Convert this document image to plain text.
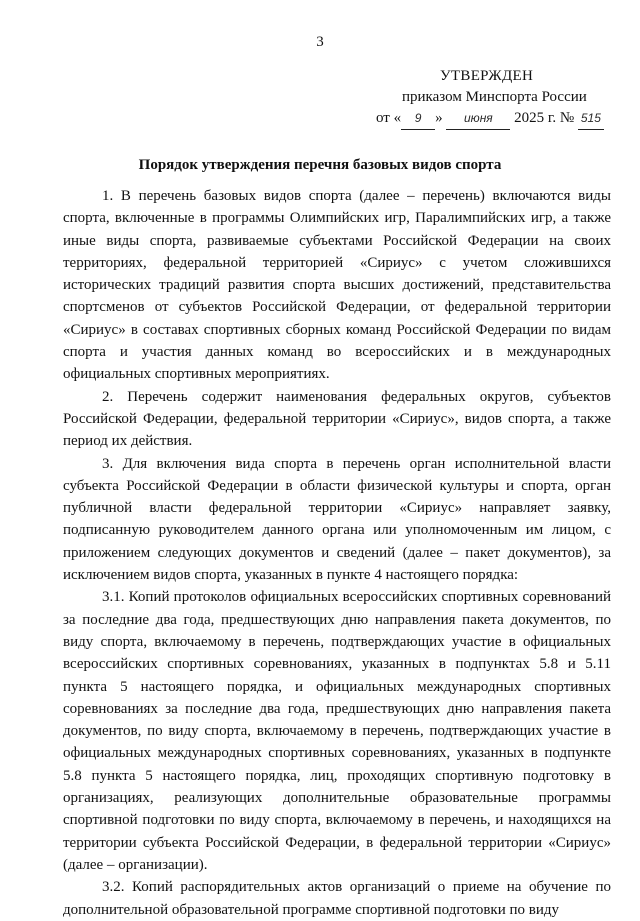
3
УТВЕРЖДЕН
приказом Минспорта России
от « 9 » июня 2025 г. № 515
Порядок утверждения перечня базовых видов спорта

1. В перечень базовых видов спорта (далее – перечень) включаются виды спорта, включенные в программы Олимпийских игр, Паралимпийских игр, а также иные виды спорта, развиваемые субъектами Российской Федерации на своих территориях, федеральной территорией «Сириус» с учетом сложившихся исторических традиций развития спорта высших достижений, представительства спортсменов от субъектов Российской Федерации, от федеральной территории «Сириус» в составах спортивных сборных команд Российской Федерации по видам спорта и участия данных команд во всероссийских и в международных официальных спортивных мероприятиях.

2. Перечень содержит наименования федеральных округов, субъектов Российской Федерации, федеральной территории «Сириус», видов спорта, а также период их действия.

3. Для включения вида спорта в перечень орган исполнительной власти субъекта Российской Федерации в области физической культуры и спорта, орган публичной власти федеральной территории «Сириус» направляет заявку, подписанную руководителем данного органа или уполномоченным им лицом, с приложением следующих документов и сведений (далее – пакет документов), за исключением видов спорта, указанных в пункте 4 настоящего порядка:

3.1. Копий протоколов официальных всероссийских спортивных соревнований за последние два года, предшествующих дню направления пакета документов, по виду спорта, включаемому в перечень, подтверждающих участие в официальных всероссийских спортивных соревнованиях, указанных в подпунктах 5.8 и 5.11 пункта 5 настоящего порядка, и официальных международных спортивных соревнованиях за последние два года, предшествующих дню направления пакета документов, по виду спорта, включаемому в перечень, подтверждающих участие в официальных международных спортивных соревнованиях, указанных в подпункте 5.8 пункта 5 настоящего порядка, лиц, проходящих спортивную подготовку в организациях, реализующих дополнительные образовательные программы спортивной подготовки по виду спорта, включаемому в перечень, и находящихся на территории субъекта Российской Федерации, в федеральной территории «Сириус» (далее – организации).

3.2. Копий распорядительных актов организаций о приеме на обучение по дополнительной образовательной программе спортивной подготовки по виду
